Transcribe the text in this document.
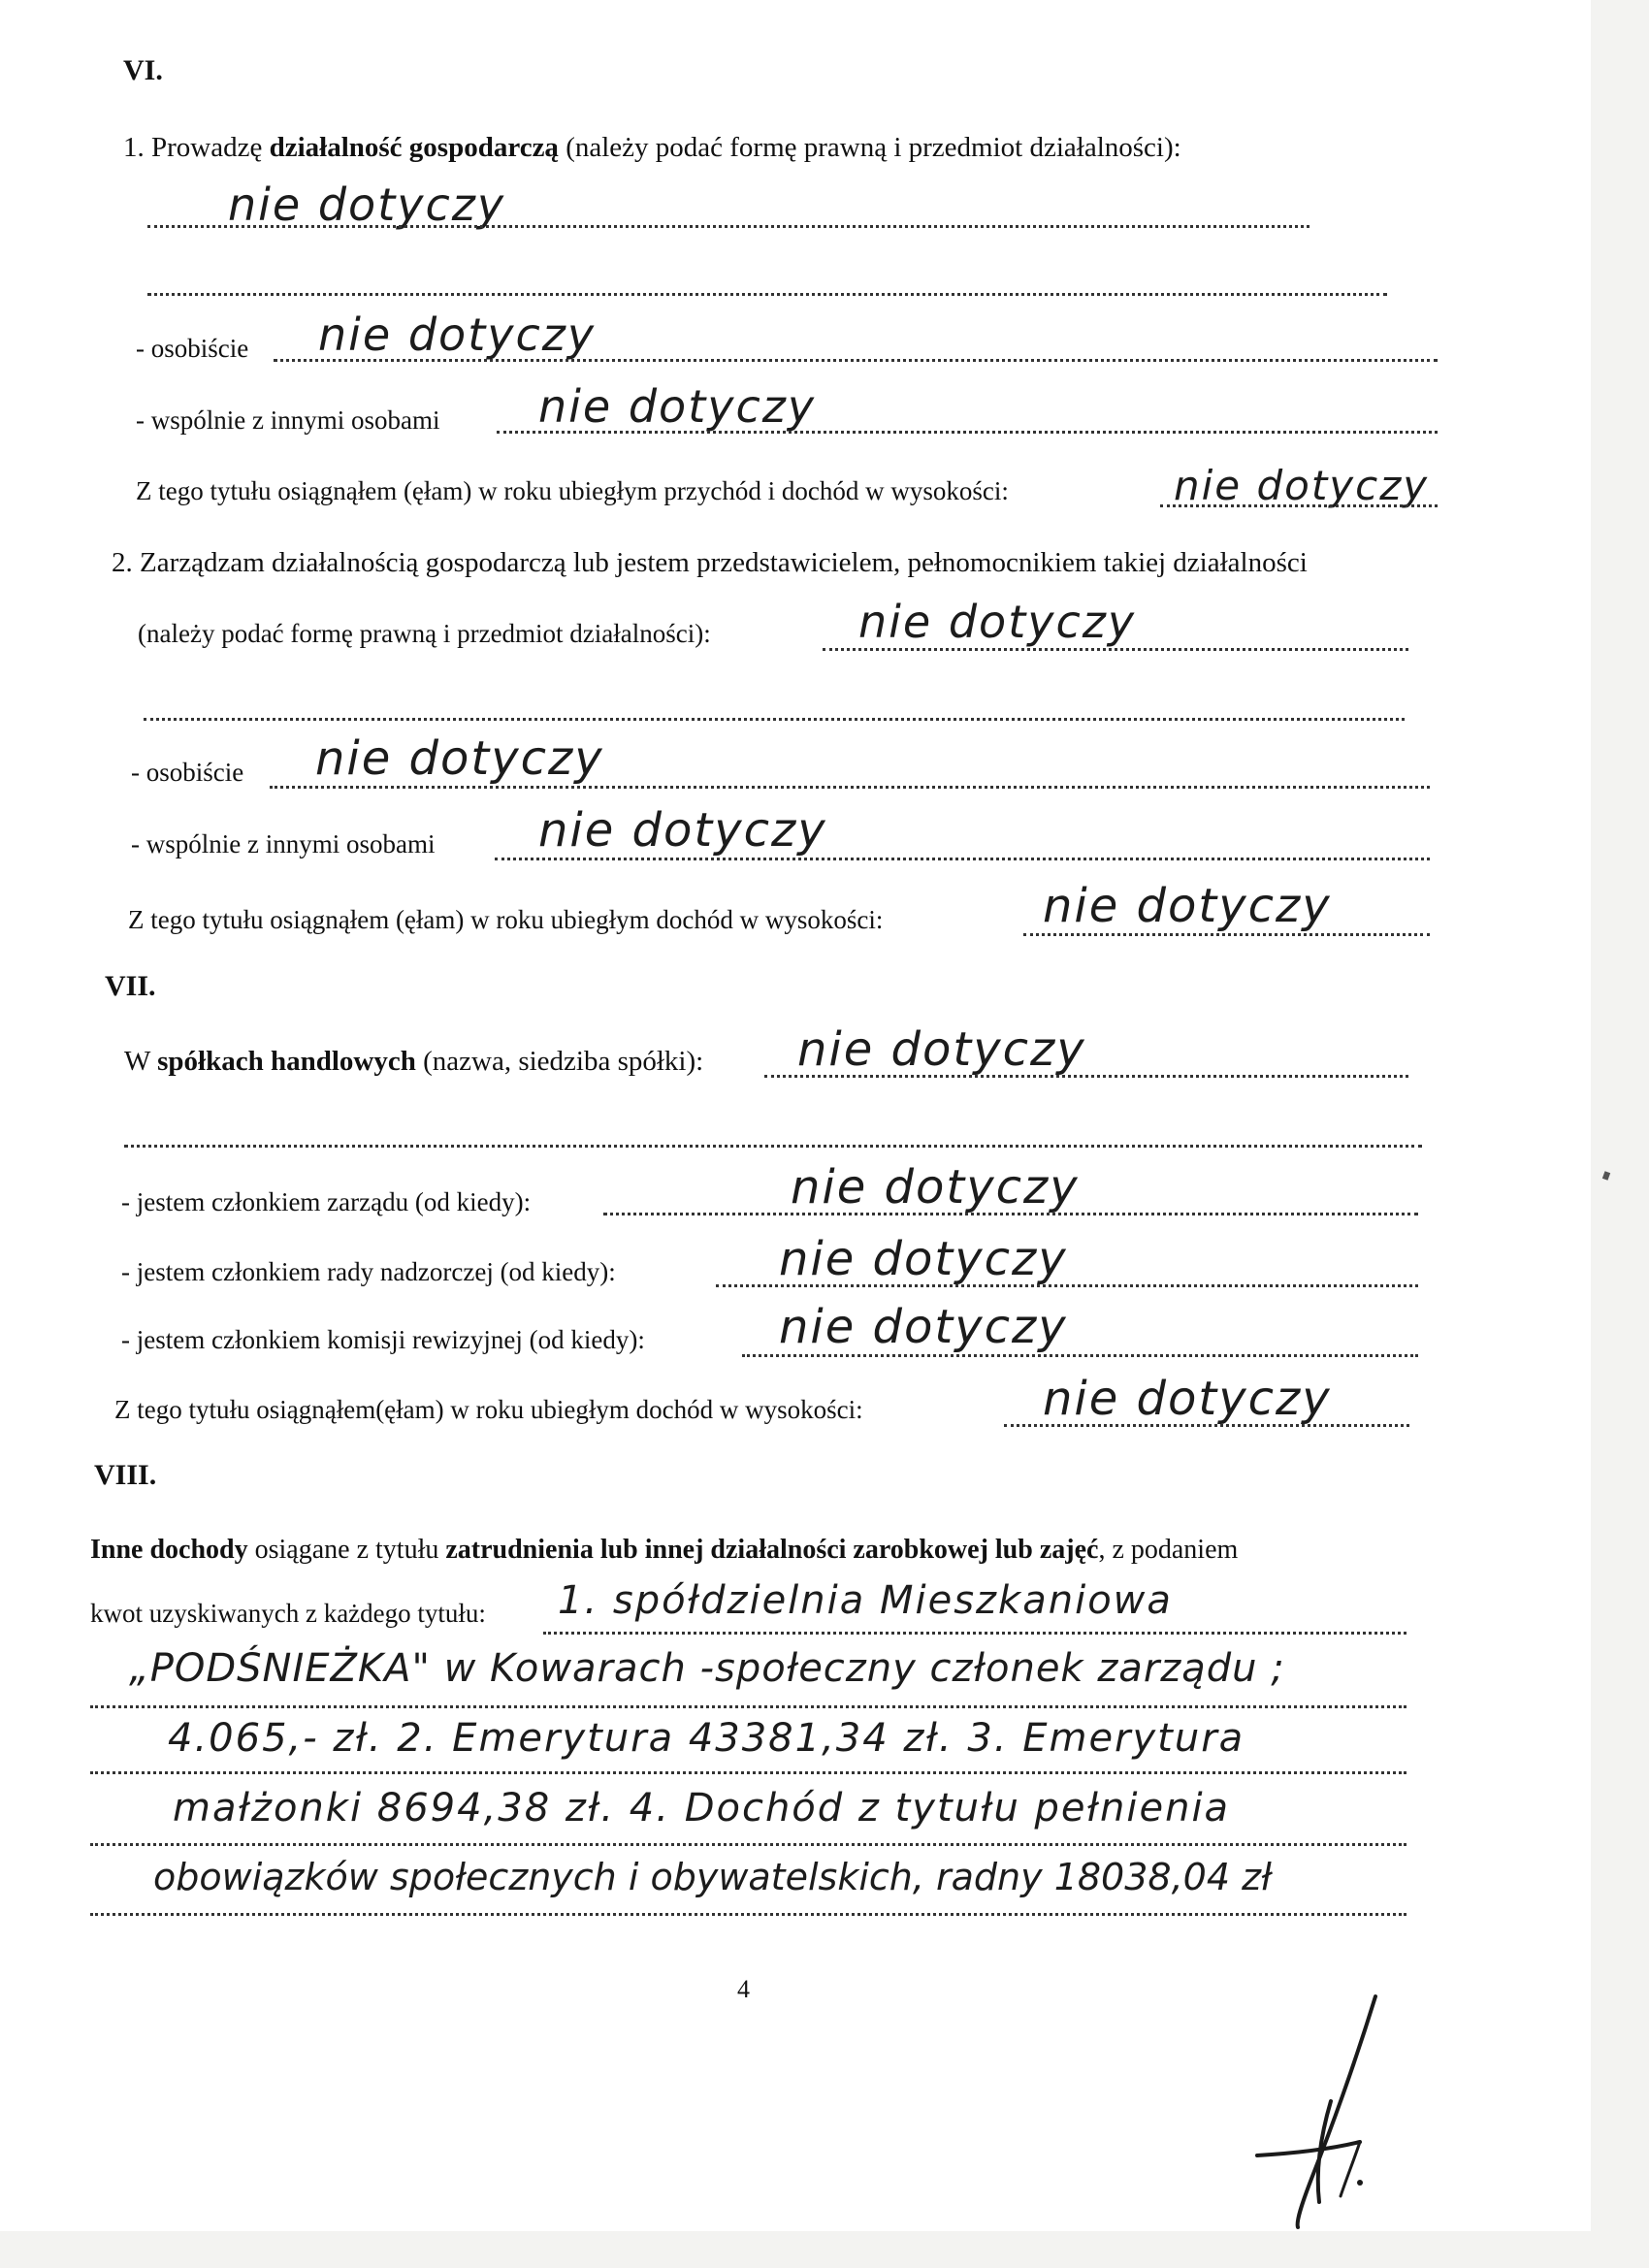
VI.
1. Prowadzę działalność gospodarczą (należy podać formę prawną i przedmiot działalności):
nie dotyczy
- osobiście nie dotyczy
- wspólnie z innymi osobami nie dotyczy
Z tego tytułu osiągnąłem (ęłam) w roku ubiegłym przychód i dochód w wysokości:	nie dotyczy
2. Zarządzam działalnością gospodarczą lub jestem przedstawicielem, pełnomocnikiem takiej działalności
(należy podać formę prawną i przedmiot działalności):	nie dotyczy
- osobiście nie dotyczy
- wspólnie z innymi osobami nie dotyczy
Z tego tytułu osiągnąłem (ęłam) w roku ubiegłym dochód w wysokości:	nie dotyczy
VII.
W spółkach handlowych (nazwa, siedziba spółki): nie dotyczy
- jestem członkiem zarządu (od kiedy):	nie dotyczy
- jestem członkiem rady nadzorczej (od kiedy):	nie dotyczy
- jestem członkiem komisji rewizyjnej (od kiedy):	nie dotyczy
Z tego tytułu osiągnąłem(ęłam) w roku ubiegłym dochód w wysokości:	nie dotyczy
VIII.
Inne dochody osiągane z tytułu zatrudnienia lub innej działalności zarobkowej lub zajęć, z podaniem
kwot uzyskiwanych z każdego tytułu: 1. spółdzielnia Mieszkaniowa
„PODŚNIEŻKA" w Kowarach -społeczny członek zarządu ;
4.065,- zł. 2. Emerytura 43381,34 zł. 3. Emerytura
małżonki 8694,38 zł. 4. Dochód z tytułu pełnienia
obowiązków społecznych i obywatelskich, radny 18038,04 zł
4
